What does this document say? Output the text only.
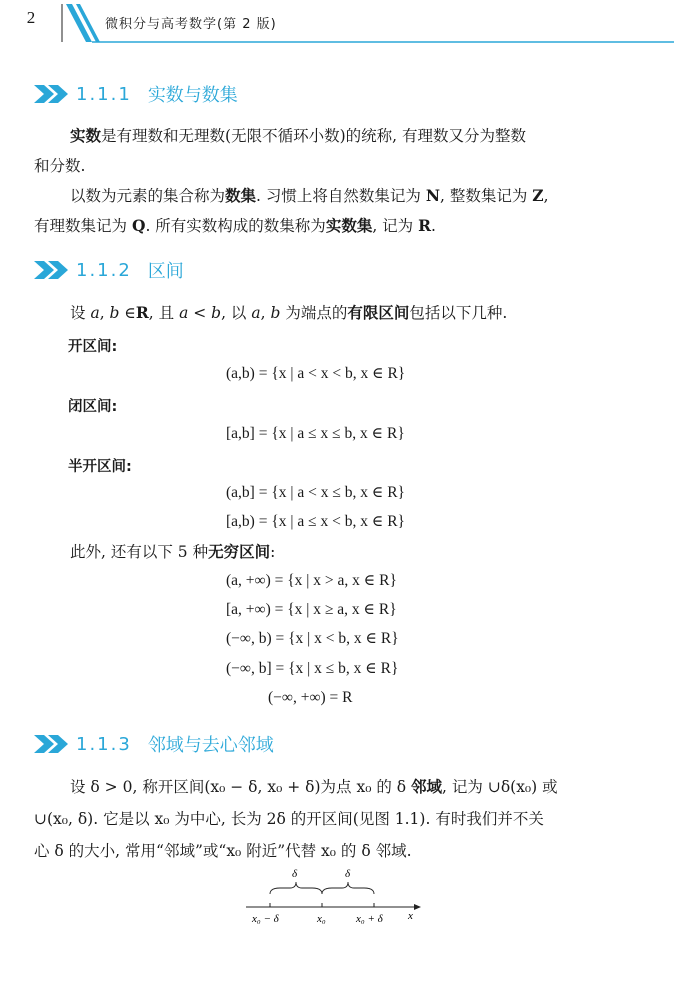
2	微积分与高考数学(第 2 版)
1.1.1 实数与数集
实数是有理数和无理数(无限不循环小数)的统称, 有理数又分为整数
和分数.
以数为元素的集合称为数集. 习惯上将自然数集记为 N, 整数集记为 Z,
有理数集记为 Q. 所有实数构成的数集称为实数集, 记为 R.
1.1.2 区间
设 a, b ∈R, 且 a < b, 以 a, b 为端点的有限区间包括以下几种.
开区间:
(a,b) = {x | a < x < b, x ∈ R}
闭区间:
[a,b] = {x | a ≤ x ≤ b, x ∈ R}
半开区间:
(a,b] = {x | a < x ≤ b, x ∈ R}
[a,b) = {x | a ≤ x < b, x ∈ R}
此外, 还有以下 5 种无穷区间:
(a, +∞) = {x | x > a, x ∈ R}
[a, +∞) = {x | x ≥ a, x ∈ R}
(−∞, b) = {x | x < b, x ∈ R}
(−∞, b] = {x | x ≤ b, x ∈ R}
(−∞, +∞) = R
1.1.3 邻域与去心邻域
设 δ > 0, 称开区间(x₀ − δ, x₀ + δ)为点 x₀ 的 δ 邻域, 记为 ∪δ(x₀) 或
∪(x₀, δ). 它是以 x₀ 为中心, 长为 2δ 的开区间(见图 1.1). 有时我们并不关
心 δ 的大小, 常用“邻域”或“x₀ 附近”代替 x₀ 的 δ 邻域.
δ	δ
x₀ − δ	x₀	x₀ + δ x
